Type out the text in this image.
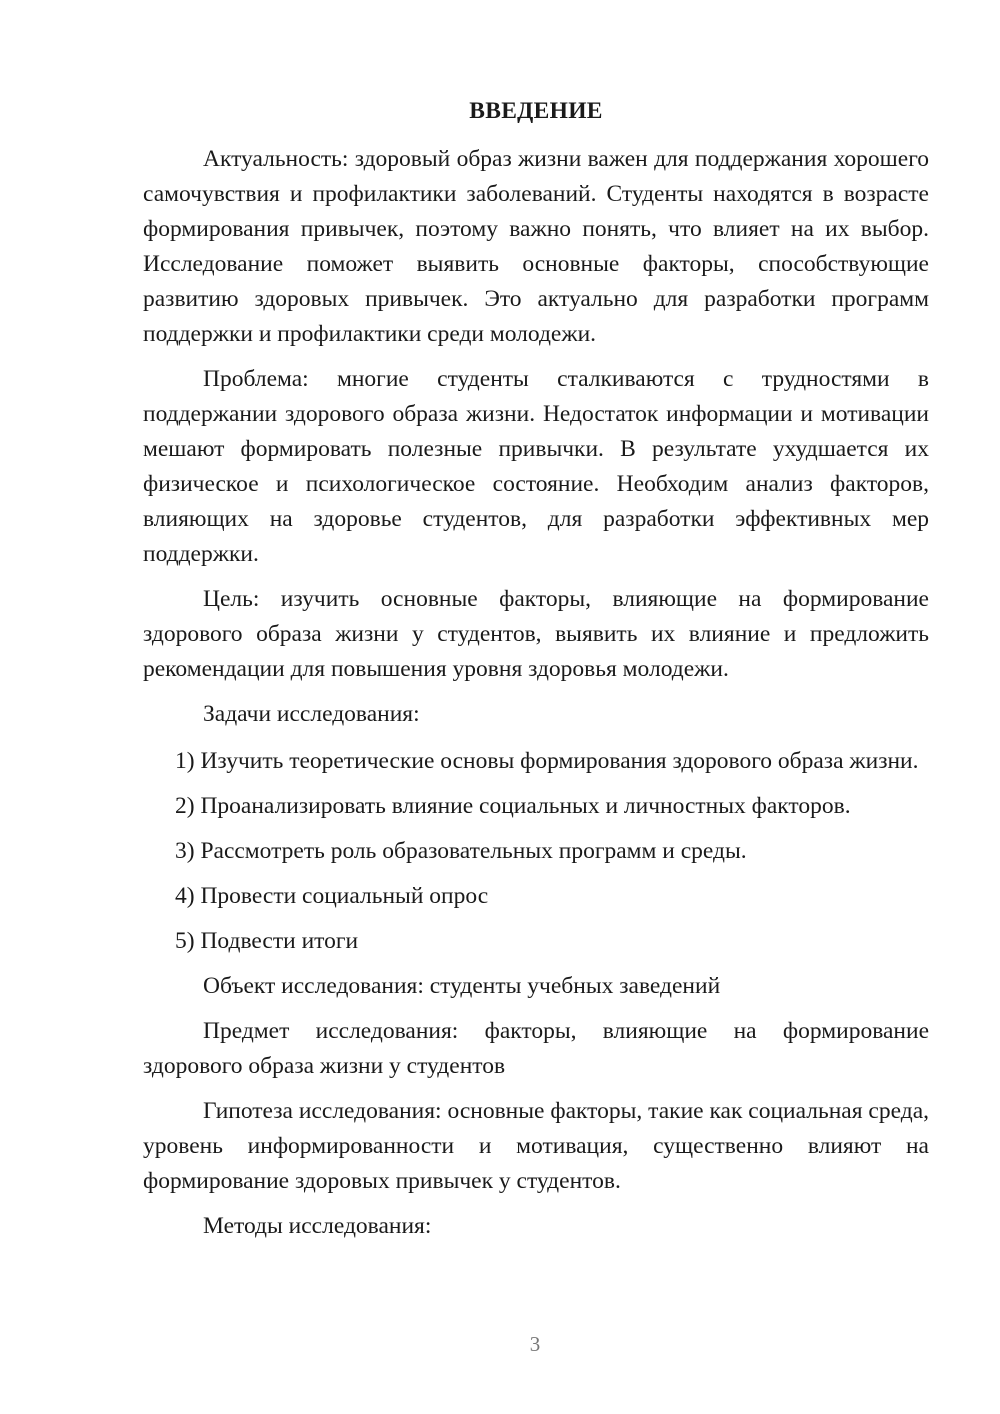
ВВЕДЕНИЕ

Актуальность: здоровый образ жизни важен для поддержания хорошего самочувствия и профилактики заболеваний. Студенты находятся в возрасте формирования привычек, поэтому важно понять, что влияет на их выбор. Исследование поможет выявить основные факторы, способствующие развитию здоровых привычек. Это актуально для разработки программ поддержки и профилактики среди молодежи.

Проблема: многие студенты сталкиваются с трудностями в поддержании здорового образа жизни. Недостаток информации и мотивации мешают формировать полезные привычки. В результате ухудшается их физическое и психологическое состояние. Необходим анализ факторов, влияющих на здоровье студентов, для разработки эффективных мер поддержки.

Цель: изучить основные факторы, влияющие на формирование здорового образа жизни у студентов, выявить их влияние и предложить рекомендации для повышения уровня здоровья молодежи.

Задачи исследования:

1) Изучить теоретические основы формирования здорового образа жизни.

2) Проанализировать влияние социальных и личностных факторов.

3) Рассмотреть роль образовательных программ и среды.

4) Провести социальный опрос

5) Подвести итоги

Объект исследования: студенты учебных заведений

Предмет исследования: факторы, влияющие на формирование здорового образа жизни у студентов

Гипотеза исследования: основные факторы, такие как социальная среда, уровень информированности и мотивация, существенно влияют на формирование здоровых привычек у студентов.

Методы исследования:

3
